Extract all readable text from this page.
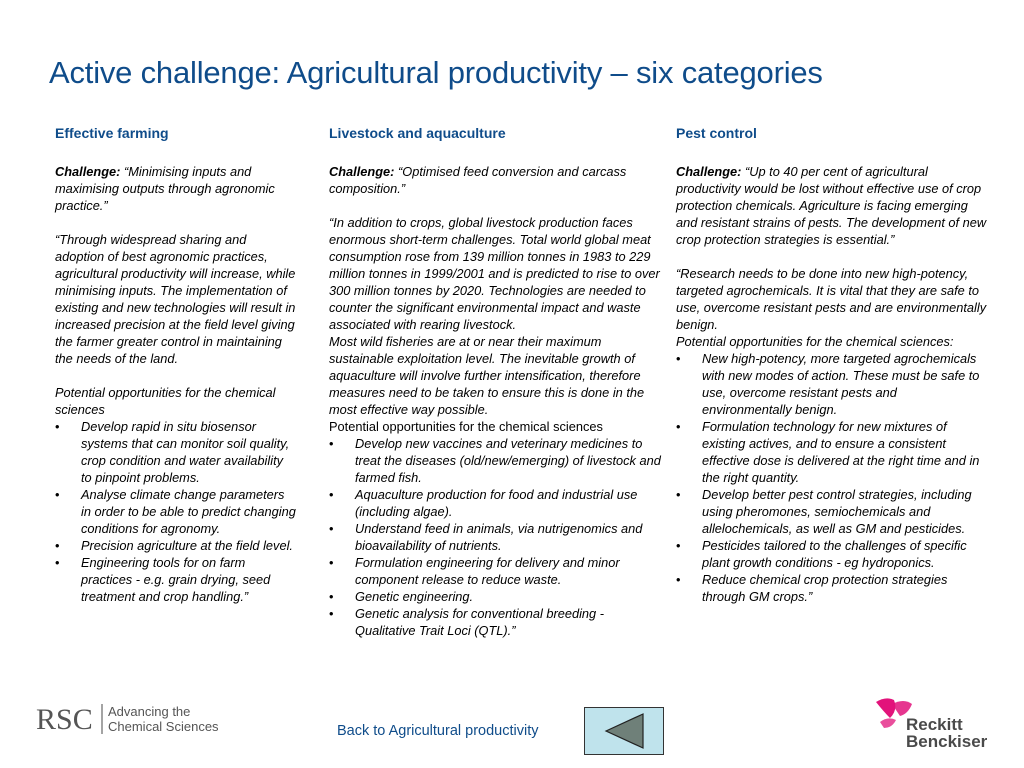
Active challenge: Agricultural productivity – six categories
Effective farming

Challenge: “Minimising inputs and maximising outputs through agronomic practice.”

“Through widespread sharing and adoption of best agronomic practices, agricultural productivity will increase, while minimising inputs. The implementation of existing and new technologies will result in increased precision at the field level giving the farmer greater control in maintaining the needs of the land.

Potential opportunities for the chemical sciences

• Develop rapid in situ biosensor systems that can monitor soil quality, crop condition and water availability to pinpoint problems.
• Analyse climate change parameters in order to be able to predict changing conditions for agronomy.
• Precision agriculture at the field level.
• Engineering tools for on farm practices - e.g. grain drying, seed treatment and crop handling.”
Livestock and aquaculture

Challenge: “Optimised feed conversion and carcass composition.”

“In addition to crops, global livestock production faces enormous short-term challenges. Total world global meat consumption rose from 139 million tonnes in 1983 to 229 million tonnes in 1999/2001 and is predicted to rise to over 300 million tonnes by 2020. Technologies are needed to counter the significant environmental impact and waste associated with rearing livestock.

Most wild fisheries are at or near their maximum sustainable exploitation level. The inevitable growth of aquaculture will involve further intensification, therefore measures need to be taken to ensure this is done in the most effective way possible.

Potential opportunities for the chemical sciences

• Develop new vaccines and veterinary medicines to treat the diseases (old/new/emerging) of livestock and farmed fish.
• Aquaculture production for food and industrial use (including algae).
• Understand feed in animals, via nutrigenomics and bioavailability of nutrients.
• Formulation engineering for delivery and minor component release to reduce waste.
• Genetic engineering.
• Genetic analysis for conventional breeding - Qualitative Trait Loci (QTL).”
Pest control

Challenge: “Up to 40 per cent of agricultural productivity would be lost without effective use of crop protection chemicals. Agriculture is facing emerging and resistant strains of pests. The development of new crop protection strategies is essential.”

“Research needs to be done into new high-potency, targeted agrochemicals. It is vital that they are safe to use, overcome resistant pests and are environmentally benign.

Potential opportunities for the chemical sciences:

• New high-potency, more targeted agrochemicals with new modes of action. These must be safe to use, overcome resistant pests and environmentally benign.
• Formulation technology for new mixtures of existing actives, and to ensure a consistent effective dose is delivered at the right time and in the right quantity.
• Develop better pest control strategies, including using pheromones, semiochemicals and allelochemicals, as well as GM and pesticides.
• Pesticides tailored to the challenges of specific plant growth conditions - eg hydroponics.
• Reduce chemical crop protection strategies through GM crops.”
RSC Advancing the
Chemical Sciences	Back to Agricultural productivity	Reckitt
Benckiser
